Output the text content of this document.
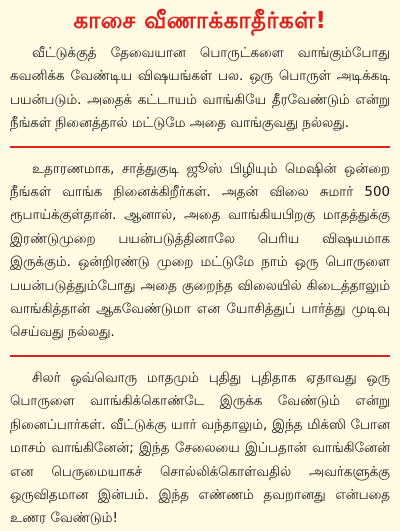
காசை வீணாக்காதீர்கள்!

வீட்டுக்குத் தேவையான பொருட்களை வாங்கும்போது கவனிக்க வேண்டிய விஷயங்கள் பல. ஒரு பொருள் அடிக்கடி பயன்படும். அதைக் கட்டாயம் வாங்கியே தீரவேண்டும் என்று நீங்கள் நினைத்தால் மட்டுமே அதை வாங்குவது நல்லது.

உதாரணமாக, சாத்துகுடி ஜூஸ் பிழியும் மெஷின் ஒன்றை நீங்கள் வாங்க நினைக்கிறீர்கள். அதன் விலை சுமார் 500 ரூபாய்க்குள்தான். ஆனால், அதை வாங்கியபிறகு மாதத்துக்கு இரண்டுமுறை பயன்படுத்தினாலே பெரிய விஷயமாக இருக்கும். ஒன்றிரண்டு முறை மட்டுமே நாம் ஒரு பொருளை பயன்படுத்தும்போது அதை குறைந்த விலையில் கிடைத்தாலும் வாங்கித்தான் ஆகவேண்டுமா என யோசித்துப் பார்த்து முடிவு செய்வது நல்லது.

சிலர் ஒவ்வொரு மாதமும் புதிது புதிதாக ஏதாவது ஒரு பொருளை வாங்கிக்கொண்டே இருக்க வேண்டும் என்று நினைப்பார்கள். வீட்டுக்கு யார் வந்தாலும், இந்த மிக்ஸி போன மாசம் வாங்கினேன்; இந்த சேலையை இப்பதான் வாங்கினேன் என பெருமையாகச் சொல்லிக்கொள்வதில் அவர்களுக்கு ஒருவிதமான இன்பம். இந்த எண்ணம் தவறானது என்பதை உணர வேண்டும்!
